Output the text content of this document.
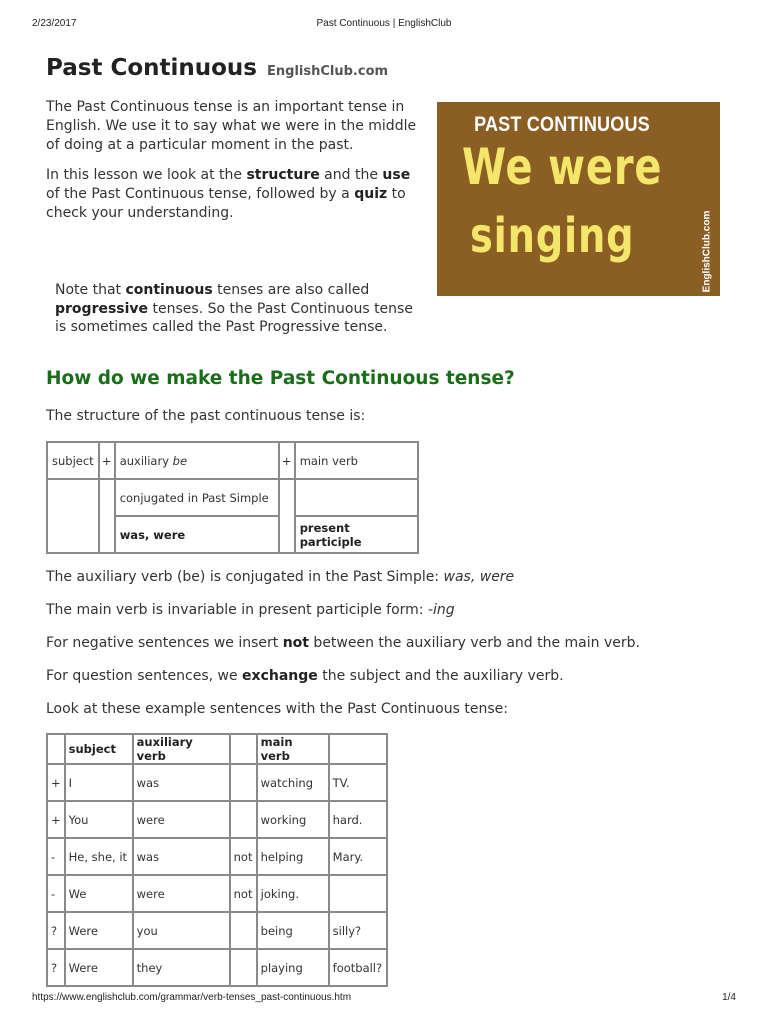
2/23/2017	Past Continuous | EnglishClub
Past Continuous EnglishClub.com

The Past Continuous tense is an important tense in English. We use it to say what we were in the middle of doing at a particular moment in the past.

In this lesson we look at the structure and the use of the Past Continuous tense, followed by a quiz to check your understanding.

PAST CONTINUOUS
We were
singing	EnglishClub.com
Note that continuous tenses are also called progressive tenses. So the Past Continuous tense is sometimes called the Past Progressive tense.
How do we make the Past Continuous tense?

The structure of the past continuous tense is:

subject	+	auxiliary be	+	main verb
		conjugated in Past Simple		
		was, were		present participle

The auxiliary verb (be) is conjugated in the Past Simple: was, were

The main verb is invariable in present participle form: -ing

For negative sentences we insert not between the auxiliary verb and the main verb.

For question sentences, we exchange the subject and the auxiliary verb.

Look at these example sentences with the Past Continuous tense:

	subject	auxiliary verb		main verb	
+	I	was		watching	TV.
+	You	were		working	hard.
-	He, she, it	was	not	helping	Mary.
-	We	were	not	joking.	
?	Were	you		being	silly?
?	Were	they		playing	football?
https://www.englishclub.com/grammar/verb-tenses_past-continuous.htm	1/4
